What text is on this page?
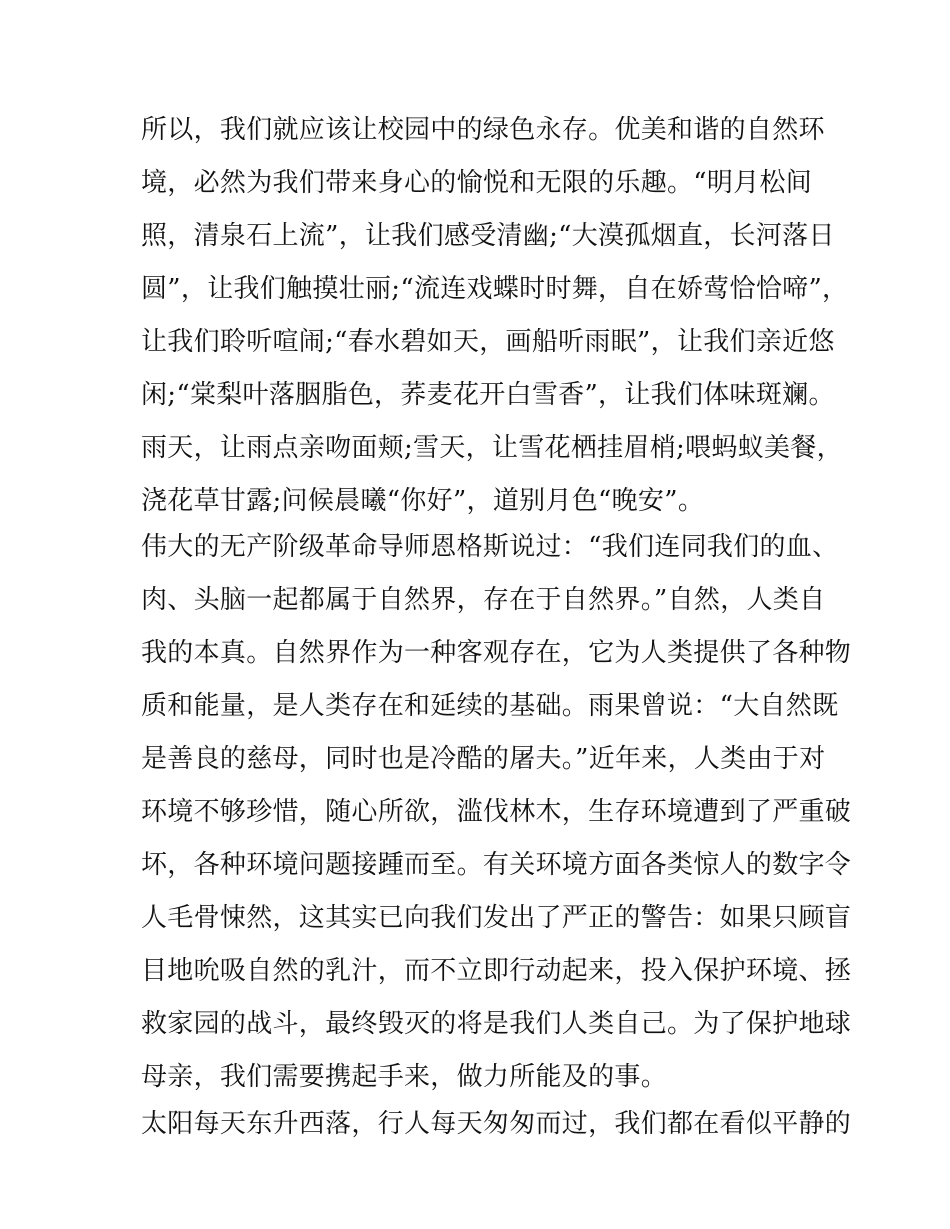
所以，我们就应该让校园中的绿色永存。优美和谐的自然环
境，必然为我们带来身心的愉悦和无限的乐趣。“明月松间
照，清泉石上流”，让我们感受清幽;“大漠孤烟直，长河落日
圆”，让我们触摸壮丽;“流连戏蝶时时舞，自在娇莺恰恰啼”，
让我们聆听喧闹;“春水碧如天，画船听雨眠”，让我们亲近悠
闲;“棠梨叶落胭脂色，荞麦花开白雪香”，让我们体味斑斓。
雨天，让雨点亲吻面颊;雪天，让雪花栖挂眉梢;喂蚂蚁美餐，
浇花草甘露;问候晨曦“你好”，道别月色“晚安”。
伟大的无产阶级革命导师恩格斯说过：“我们连同我们的血、
肉、头脑一起都属于自然界，存在于自然界。”自然，人类自
我的本真。自然界作为一种客观存在，它为人类提供了各种物
质和能量，是人类存在和延续的基础。雨果曾说：“大自然既
是善良的慈母，同时也是冷酷的屠夫。”近年来，人类由于对
环境不够珍惜，随心所欲，滥伐林木，生存环境遭到了严重破
坏，各种环境问题接踵而至。有关环境方面各类惊人的数字令
人毛骨悚然，这其实已向我们发出了严正的警告：如果只顾盲
目地吮吸自然的乳汁，而不立即行动起来，投入保护环境、拯
救家园的战斗，最终毁灭的将是我们人类自己。为了保护地球
母亲，我们需要携起手来，做力所能及的事。
太阳每天东升西落，行人每天匆匆而过，我们都在看似平静的
